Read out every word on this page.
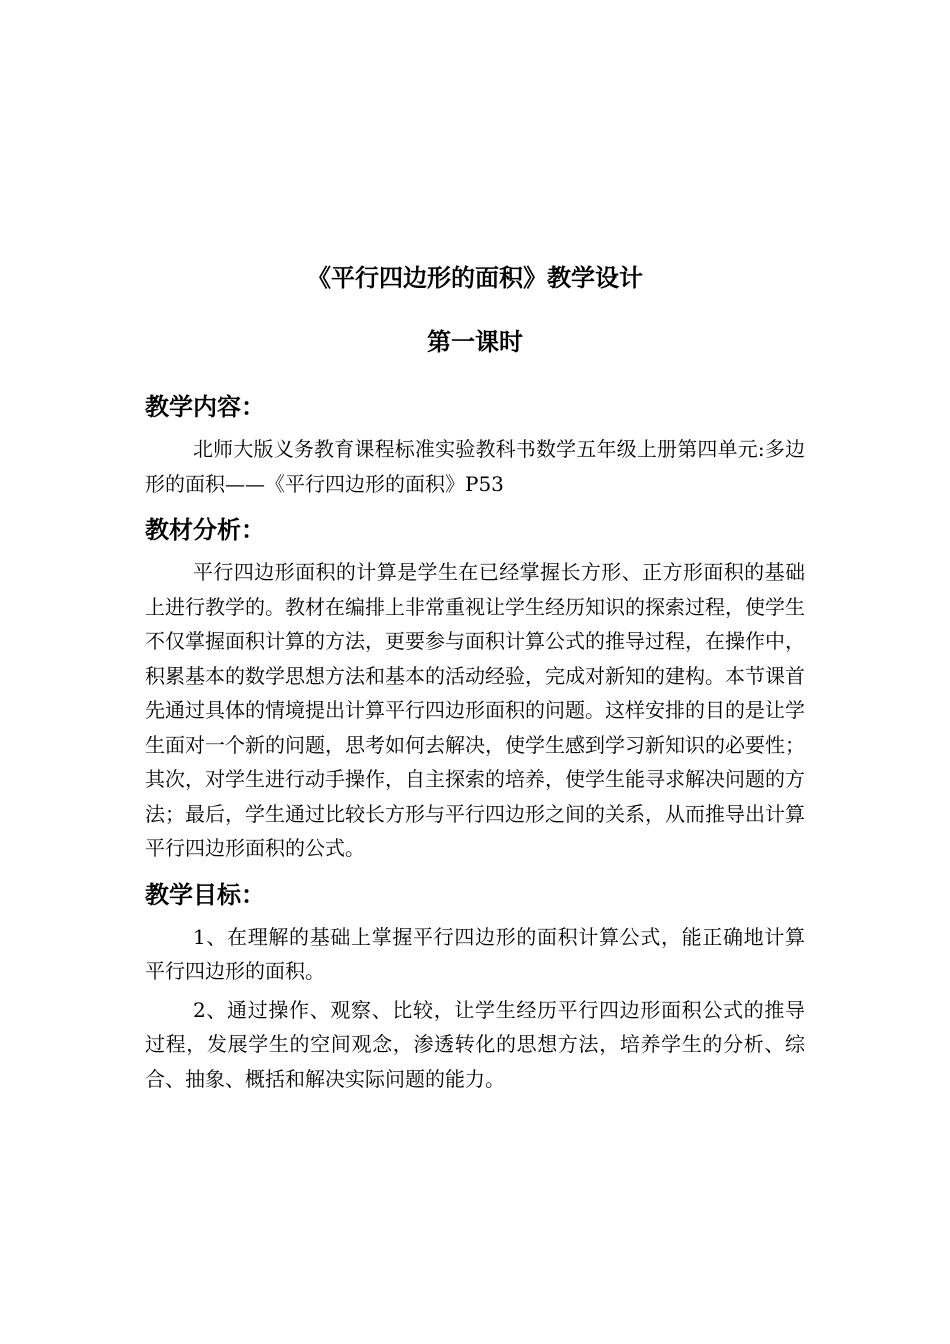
《平行四边形的面积》教学设计
第一课时
教学内容：

北师大版义务教育课程标准实验教科书数学五年级上册第四单元:多边形的面积——《平行四边形的面积》P53

教材分析：

平行四边形面积的计算是学生在已经掌握长方形、正方形面积的基础上进行教学的。教材在编排上非常重视让学生经历知识的探索过程，使学生不仅掌握面积计算的方法，更要参与面积计算公式的推导过程，在操作中，积累基本的数学思想方法和基本的活动经验，完成对新知的建构。本节课首先通过具体的情境提出计算平行四边形面积的问题。这样安排的目的是让学生面对一个新的问题，思考如何去解决，使学生感到学习新知识的必要性；其次，对学生进行动手操作，自主探索的培养，使学生能寻求解决问题的方法；最后，学生通过比较长方形与平行四边形之间的关系，从而推导出计算平行四边形面积的公式。

教学目标：

1、在理解的基础上掌握平行四边形的面积计算公式，能正确地计算平行四边形的面积。

2、通过操作、观察、比较，让学生经历平行四边形面积公式的推导过程，发展学生的空间观念，渗透转化的思想方法，培养学生的分析、综合、抽象、概括和解决实际问题的能力。
